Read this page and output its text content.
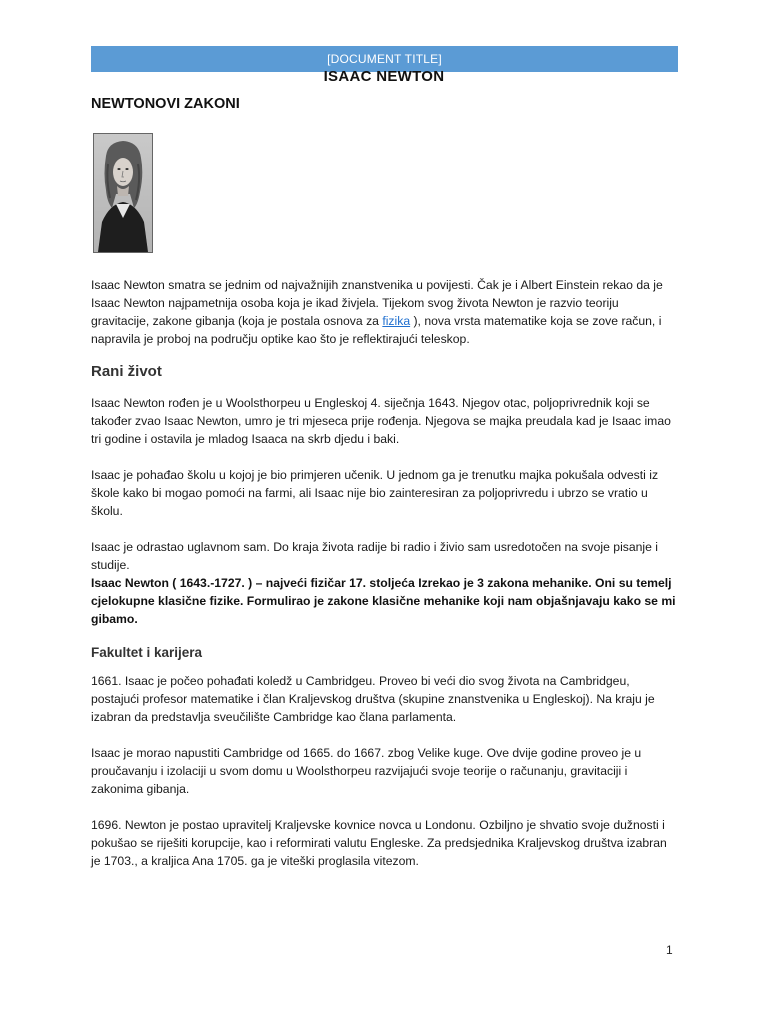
[DOCUMENT TITLE]
ISAAC NEWTON
NEWTONOVI ZAKONI

Isaac Newton smatra se jednim od najvažnijih znanstvenika u povijesti. Čak je i Albert Einstein rekao da je Isaac Newton najpametnija osoba koja je ikad živjela. Tijekom svog života Newton je razvio teoriju gravitacije, zakone gibanja (koja je postala osnova za fizika ), nova vrsta matematike koja se zove račun, i napravila je proboj na području optike kao što je reflektirajući teleskop.

Rani život

Isaac Newton rođen je u Woolsthorpeu u Engleskoj 4. siječnja 1643. Njegov otac, poljoprivrednik koji se također zvao Isaac Newton, umro je tri mjeseca prije rođenja. Njegova se majka preudala kad je Isaac imao tri godine i ostavila je mladog Isaaca na skrb djedu i baki.

Isaac je pohađao školu u kojoj je bio primjeren učenik. U jednom ga je trenutku majka pokušala odvesti iz škole kako bi mogao pomoći na farmi, ali Isaac nije bio zainteresiran za poljoprivredu i ubrzo se vratio u školu.

Isaac je odrastao uglavnom sam. Do kraja života radije bi radio i živio sam usredotočen na svoje pisanje i studije.

Isaac Newton ( 1643.-1727. ) – najveći fizičar 17. stoljeća Izrekao je 3 zakona mehanike. Oni su temelj cjelokupne klasične fizike. Formulirao je zakone klasične mehanike koji nam objašnjavaju kako se mi gibamo.

Fakultet i karijera

1661. Isaac je počeo pohađati koledž u Cambridgeu. Proveo bi veći dio svog života na Cambridgeu, postajući profesor matematike i član Kraljevskog društva (skupine znanstvenika u Engleskoj). Na kraju je izabran da predstavlja sveučilište Cambridge kao člana parlamenta.

Isaac je morao napustiti Cambridge od 1665. do 1667. zbog Velike kuge. Ove dvije godine proveo je u proučavanju i izolaciji u svom domu u Woolsthorpeu razvijajući svoje teorije o računanju, gravitaciji i zakonima gibanja.

1696. Newton je postao upravitelj Kraljevske kovnice novca u Londonu. Ozbiljno je shvatio svoje dužnosti i pokušao se riješiti korupcije, kao i reformirati valutu Engleske. Za predsjednika Kraljevskog društva izabran je 1703., a kraljica Ana 1705. ga je viteški proglasila vitezom.

1
